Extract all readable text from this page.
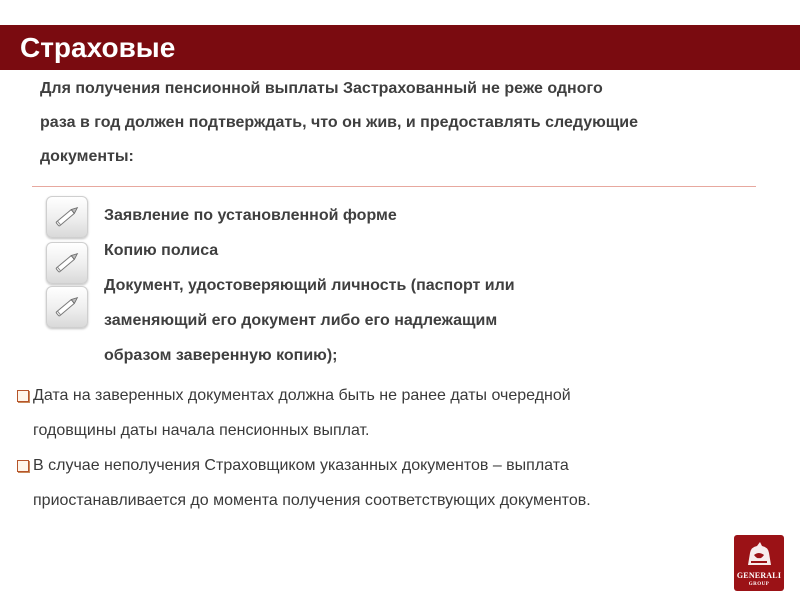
Страховые
Для получения пенсионной выплаты Застрахованный не реже одного
раза в год должен подтверждать, что он жив, и предоставлять следующие
документы:
Заявление по установленной форме
Копию полиса
Документ, удостоверяющий личность (паспорт или
заменяющий его документ либо его надлежащим
образом заверенную копию);
Дата на заверенных документах должна быть не ранее даты очередной
годовщины даты начала пенсионных выплат.
В случае неполучения Страховщиком указанных документов – выплата
приостанавливается до момента получения соответствующих документов.
GENERALI
GROUP
